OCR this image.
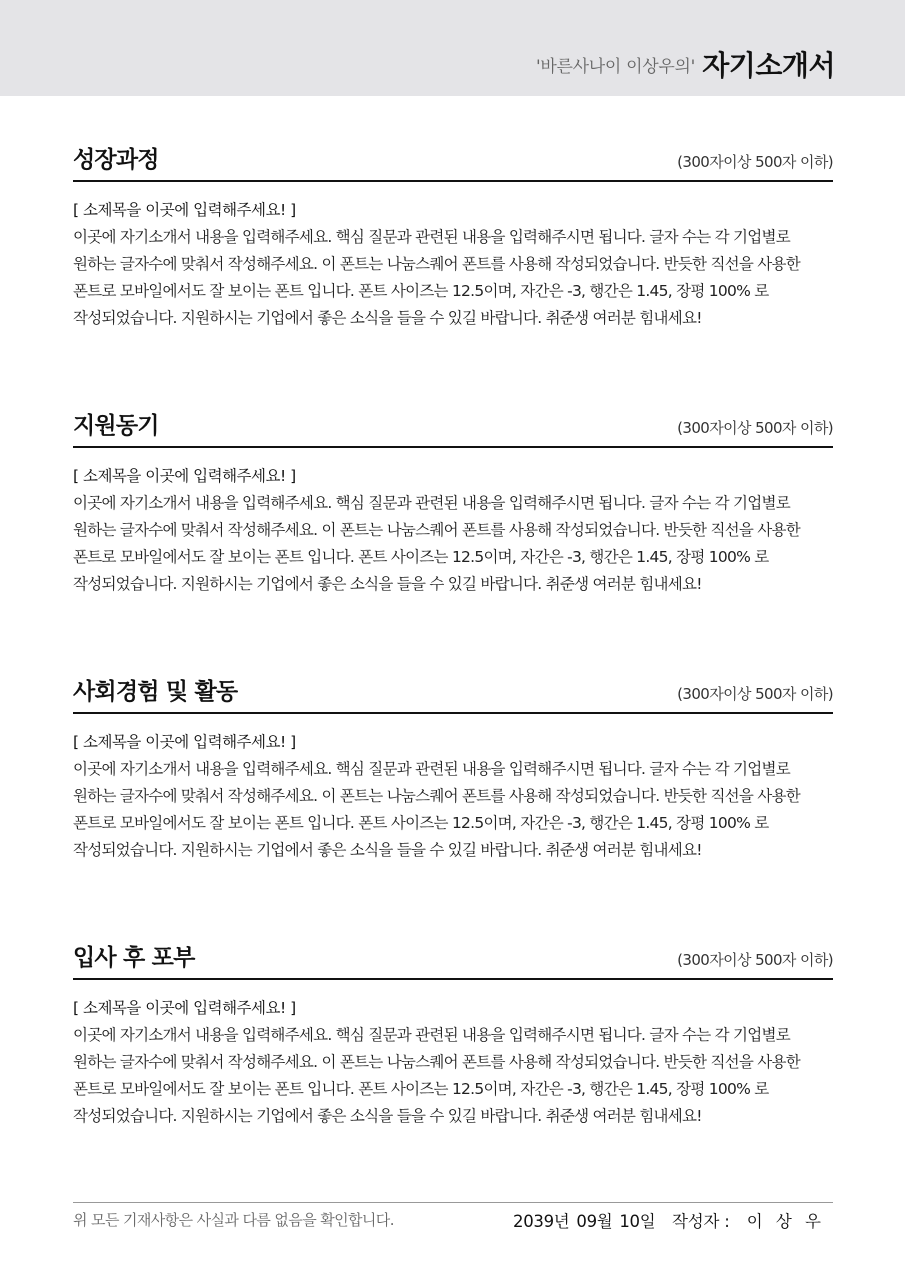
'바른사나이 이상우의' 자기소개서
성장과정	(300자이상 500자 이하)
[ 소제목을 이곳에 입력해주세요! ]
이곳에 자기소개서 내용을 입력해주세요. 핵심 질문과 관련된 내용을 입력해주시면 됩니다. 글자 수는 각 기업별로 원하는 글자수에 맞춰서 작성해주세요. 이 폰트는 나눔스퀘어 폰트를 사용해 작성되었습니다. 반듯한 직선을 사용한 폰트로 모바일에서도 잘 보이는 폰트 입니다. 폰트 사이즈는 12.5이며, 자간은 -3, 행간은 1.45, 장평 100% 로 작성되었습니다. 지원하시는 기업에서 좋은 소식을 들을 수 있길 바랍니다. 취준생 여러분 힘내세요!
지원동기	(300자이상 500자 이하)
[ 소제목을 이곳에 입력해주세요! ]
이곳에 자기소개서 내용을 입력해주세요. 핵심 질문과 관련된 내용을 입력해주시면 됩니다. 글자 수는 각 기업별로 원하는 글자수에 맞춰서 작성해주세요. 이 폰트는 나눔스퀘어 폰트를 사용해 작성되었습니다. 반듯한 직선을 사용한 폰트로 모바일에서도 잘 보이는 폰트 입니다. 폰트 사이즈는 12.5이며, 자간은 -3, 행간은 1.45, 장평 100% 로 작성되었습니다. 지원하시는 기업에서 좋은 소식을 들을 수 있길 바랍니다. 취준생 여러분 힘내세요!
사회경험 및 활동	(300자이상 500자 이하)
[ 소제목을 이곳에 입력해주세요! ]
이곳에 자기소개서 내용을 입력해주세요. 핵심 질문과 관련된 내용을 입력해주시면 됩니다. 글자 수는 각 기업별로 원하는 글자수에 맞춰서 작성해주세요. 이 폰트는 나눔스퀘어 폰트를 사용해 작성되었습니다. 반듯한 직선을 사용한 폰트로 모바일에서도 잘 보이는 폰트 입니다. 폰트 사이즈는 12.5이며, 자간은 -3, 행간은 1.45, 장평 100% 로 작성되었습니다. 지원하시는 기업에서 좋은 소식을 들을 수 있길 바랍니다. 취준생 여러분 힘내세요!
입사 후 포부	(300자이상 500자 이하)
[ 소제목을 이곳에 입력해주세요! ]
이곳에 자기소개서 내용을 입력해주세요. 핵심 질문과 관련된 내용을 입력해주시면 됩니다. 글자 수는 각 기업별로 원하는 글자수에 맞춰서 작성해주세요. 이 폰트는 나눔스퀘어 폰트를 사용해 작성되었습니다. 반듯한 직선을 사용한 폰트로 모바일에서도 잘 보이는 폰트 입니다. 폰트 사이즈는 12.5이며, 자간은 -3, 행간은 1.45, 장평 100% 로 작성되었습니다. 지원하시는 기업에서 좋은 소식을 들을 수 있길 바랍니다. 취준생 여러분 힘내세요!
위 모든 기재사항은 사실과 다름 없음을 확인합니다.	2039년 09월 10일 작성자 : 이 상 우
